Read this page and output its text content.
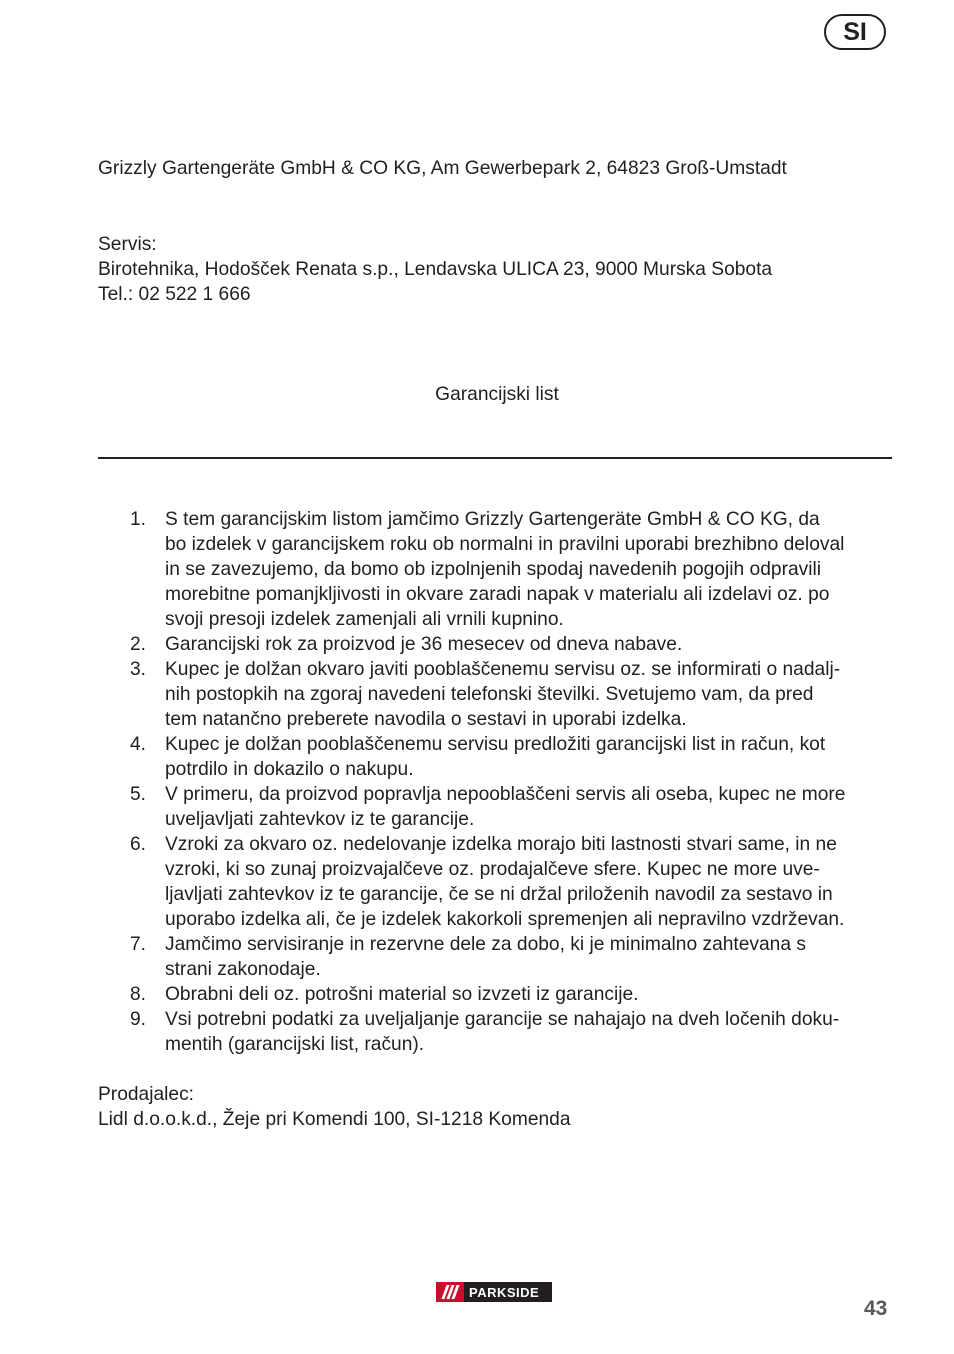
SI
Grizzly Gartengeräte GmbH & CO KG, Am Gewerbepark 2, 64823 Groß-Umstadt
Servis:
Birotehnika, Hodošček Renata s.p., Lendavska ULICA 23, 9000 Murska Sobota
Tel.: 02 522 1 666
Garancijski list
1. S tem garancijskim listom jamčimo Grizzly Gartengeräte GmbH & CO KG, da
bo izdelek v garancijskem roku ob normalni in pravilni uporabi brezhibno deloval
in se zavezujemo, da bomo ob izpolnjenih spodaj navedenih pogojih odpravili
morebitne pomanjkljivosti in okvare zaradi napak v materialu ali izdelavi oz. po
svoji presoji izdelek zamenjali ali vrnili kupnino.
2. Garancijski rok za proizvod je 36 mesecev od dneva nabave.
3. Kupec je dolžan okvaro javiti pooblaščenemu servisu oz. se informirati o nadalj-
nih postopkih na zgoraj navedeni telefonski številki. Svetujemo vam, da pred
tem natančno preberete navodila o sestavi in uporabi izdelka.
4. Kupec je dolžan pooblaščenemu servisu predložiti garancijski list in račun, kot
potrdilo in dokazilo o nakupu.
5. V primeru, da proizvod popravlja nepooblaščeni servis ali oseba, kupec ne more
uveljavljati zahtevkov iz te garancije.
6. Vzroki za okvaro oz. nedelovanje izdelka morajo biti lastnosti stvari same, in ne
vzroki, ki so zunaj proizvajalčeve oz. prodajalčeve sfere. Kupec ne more uve-
ljavljati zahtevkov iz te garancije, če se ni držal priloženih navodil za sestavo in
uporabo izdelka ali, če je izdelek kakorkoli spremenjen ali nepravilno vzdrževan.
7. Jamčimo servisiranje in rezervne dele za dobo, ki je minimalno zahtevana s
strani zakonodaje.
8. Obrabni deli oz. potrošni material so izvzeti iz garancije.
9. Vsi potrebni podatki za uveljaljanje garancije se nahajajo na dveh ločenih doku-
mentih (garancijski list, račun).
Prodajalec:
Lidl d.o.o.k.d., Žeje pri Komendi 100, SI-1218 Komenda
PARKSIDE
43
